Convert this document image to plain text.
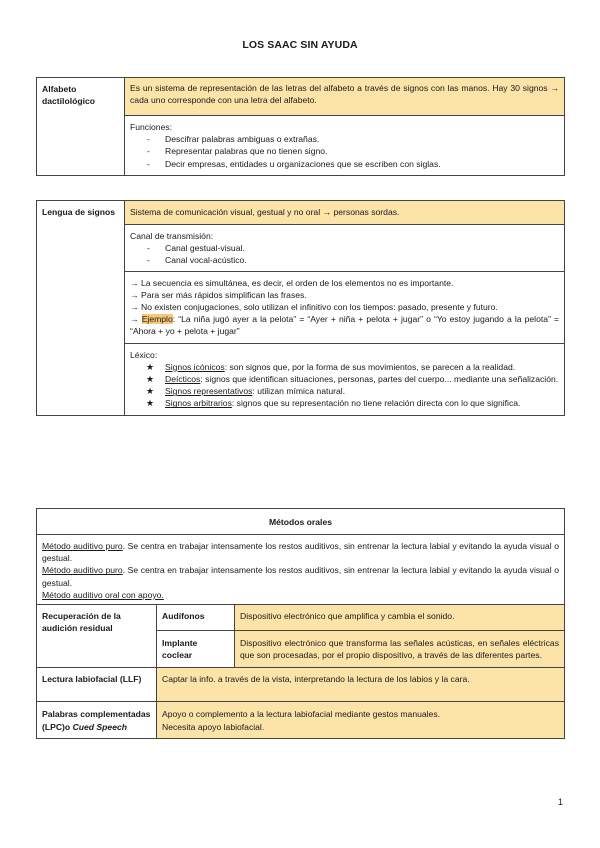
LOS SAAC SIN AYUDA
Alfabeto dactilológico	Es un sistema de representación de las letras del alfabeto a través de signos con las manos. Hay 30 signos → cada uno corresponde con una letra del alfabeto.

Funciones:
- Descifrar palabras ambiguas o extrañas.
- Representar palabras que no tienen signo.
- Decir empresas, entidades u organizaciones que se escriben con siglas.
Lengua de signos	Sistema de comunicación visual, gestual y no oral → personas sordas.

Canal de transmisión:
- Canal gestual-visual.
- Canal vocal-acústico.

→ La secuencia es simultánea, es decir, el orden de los elementos no es importante.
→ Para ser más rápidos simplifican las frases.
→ No existen conjugaciones, solo utilizan el infinitivo con los tiempos: pasado, presente y futuro.
→ Ejemplo: “La niña jugó ayer a la pelota” = “Ayer + niña + pelota + jugar” o “Yo estoy jugando a la pelota” = “Ahora + yo + pelota + jugar”

Léxico:
★ Signos icónicos: son signos que, por la forma de sus movimientos, se parecen a la realidad.
★ Deícticos: signos que identifican situaciones, personas, partes del cuerpo... mediante una señalización.
★ Signos representativos: utilizan mímica natural.
★ Signos arbitrarios: signos que su representación no tiene relación directa con lo que significa.
Métodos orales		

Método auditivo puro. Se centra en trabajar intensamente los restos auditivos, sin entrenar la lectura labial y evitando la ayuda visual o gestual.
Método auditivo puro. Se centra en trabajar intensamente los restos auditivos, sin entrenar la lectura labial y evitando la ayuda visual o gestual.
Método auditivo oral con apoyo.		

Recuperación de la audición residual	Audífonos	Dispositivo electrónico que amplifica y cambia el sonido.
	Implante coclear	Dispositivo electrónico que transforma las señales acústicas, en señales eléctricas que son procesadas, por el propio dispositivo, a través de las diferentes partes.
Lectura labiofacial (LLF)	Captar la info. a través de la vista, interpretando la lectura de los labios y la cara.	
Palabras complementadas (LPC)o Cued Speech	Apoyo o complemento a la lectura labiofacial mediante gestos manuales.
Necesita apoyo labiofacial.	
1
